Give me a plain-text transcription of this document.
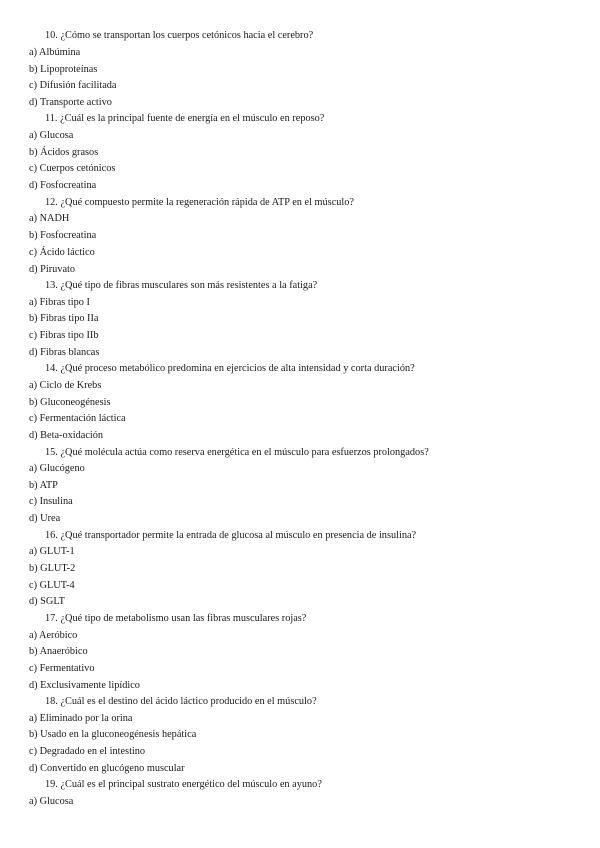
10. ¿Cómo se transportan los cuerpos cetónicos hacia el cerebro?
a) Albúmina
b) Lipoproteínas
c) Difusión facilitada
d) Transporte activo
11. ¿Cuál es la principal fuente de energía en el músculo en reposo?
a) Glucosa
b) Ácidos grasos
c) Cuerpos cetónicos
d) Fosfocreatina
12. ¿Qué compuesto permite la regeneración rápida de ATP en el músculo?
a) NADH
b) Fosfocreatina
c) Ácido láctico
d) Piruvato
13. ¿Qué tipo de fibras musculares son más resistentes a la fatiga?
a) Fibras tipo I
b) Fibras tipo IIa
c) Fibras tipo IIb
d) Fibras blancas
14. ¿Qué proceso metabólico predomina en ejercicios de alta intensidad y corta duración?
a) Ciclo de Krebs
b) Gluconeogénesis
c) Fermentación láctica
d) Beta-oxidación
15. ¿Qué molécula actúa como reserva energética en el músculo para esfuerzos prolongados?
a) Glucógeno
b) ATP
c) Insulina
d) Urea
16. ¿Qué transportador permite la entrada de glucosa al músculo en presencia de insulina?
a) GLUT-1
b) GLUT-2
c) GLUT-4
d) SGLT
17. ¿Qué tipo de metabolismo usan las fibras musculares rojas?
a) Aeróbico
b) Anaeróbico
c) Fermentativo
d) Exclusivamente lipídico
18. ¿Cuál es el destino del ácido láctico producido en el músculo?
a) Eliminado por la orina
b) Usado en la gluconeogénesis hepática
c) Degradado en el intestino
d) Convertido en glucógeno muscular
19. ¿Cuál es el principal sustrato energético del músculo en ayuno?
a) Glucosa
